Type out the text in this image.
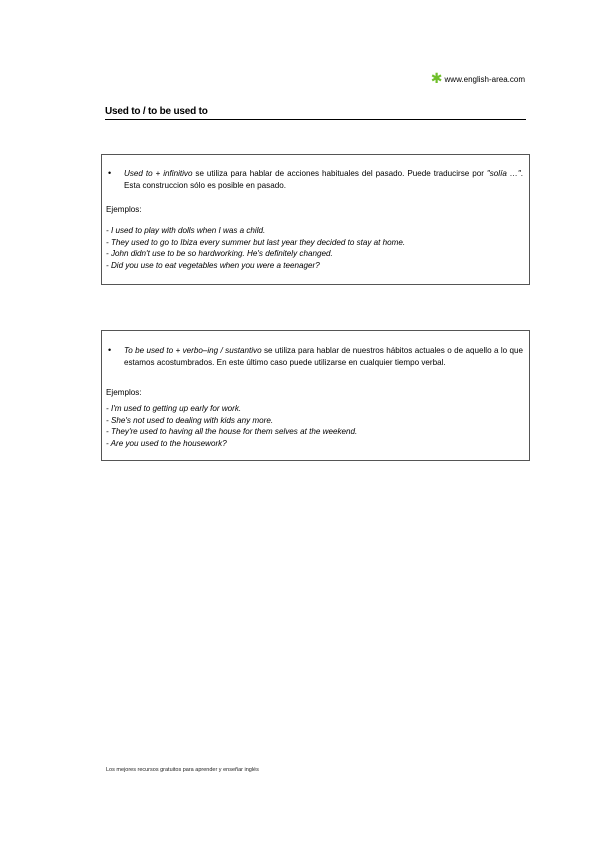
✱ www.english-area.com
Used to / to be used to
•	Used to + infinitivo se utiliza para hablar de acciones habituales del pasado. Puede traducirse por "solía …". Esta construccion sólo es posible en pasado.
Ejemplos:
- I used to play with dolls when I was a child.
- They used to go to Ibiza every summer but last year they decided to stay at home.
- John didn't use to be so hardworking. He's definitely changed.
- Did you use to eat vegetables when you were a teenager?
•	To be used to + verbo–ing / sustantivo se utiliza para hablar de nuestros hábitos actuales o de aquello a lo que estamos acostumbrados. En este último caso puede utilizarse en cualquier tiempo verbal.
Ejemplos:
- I'm used to getting up early for work.
- She's not used to dealing with kids any more.
- They're used to having all the house for them selves at the weekend.
- Are you used to the housework?
Los mejores recursos gratuitos para aprender y enseñar inglés
